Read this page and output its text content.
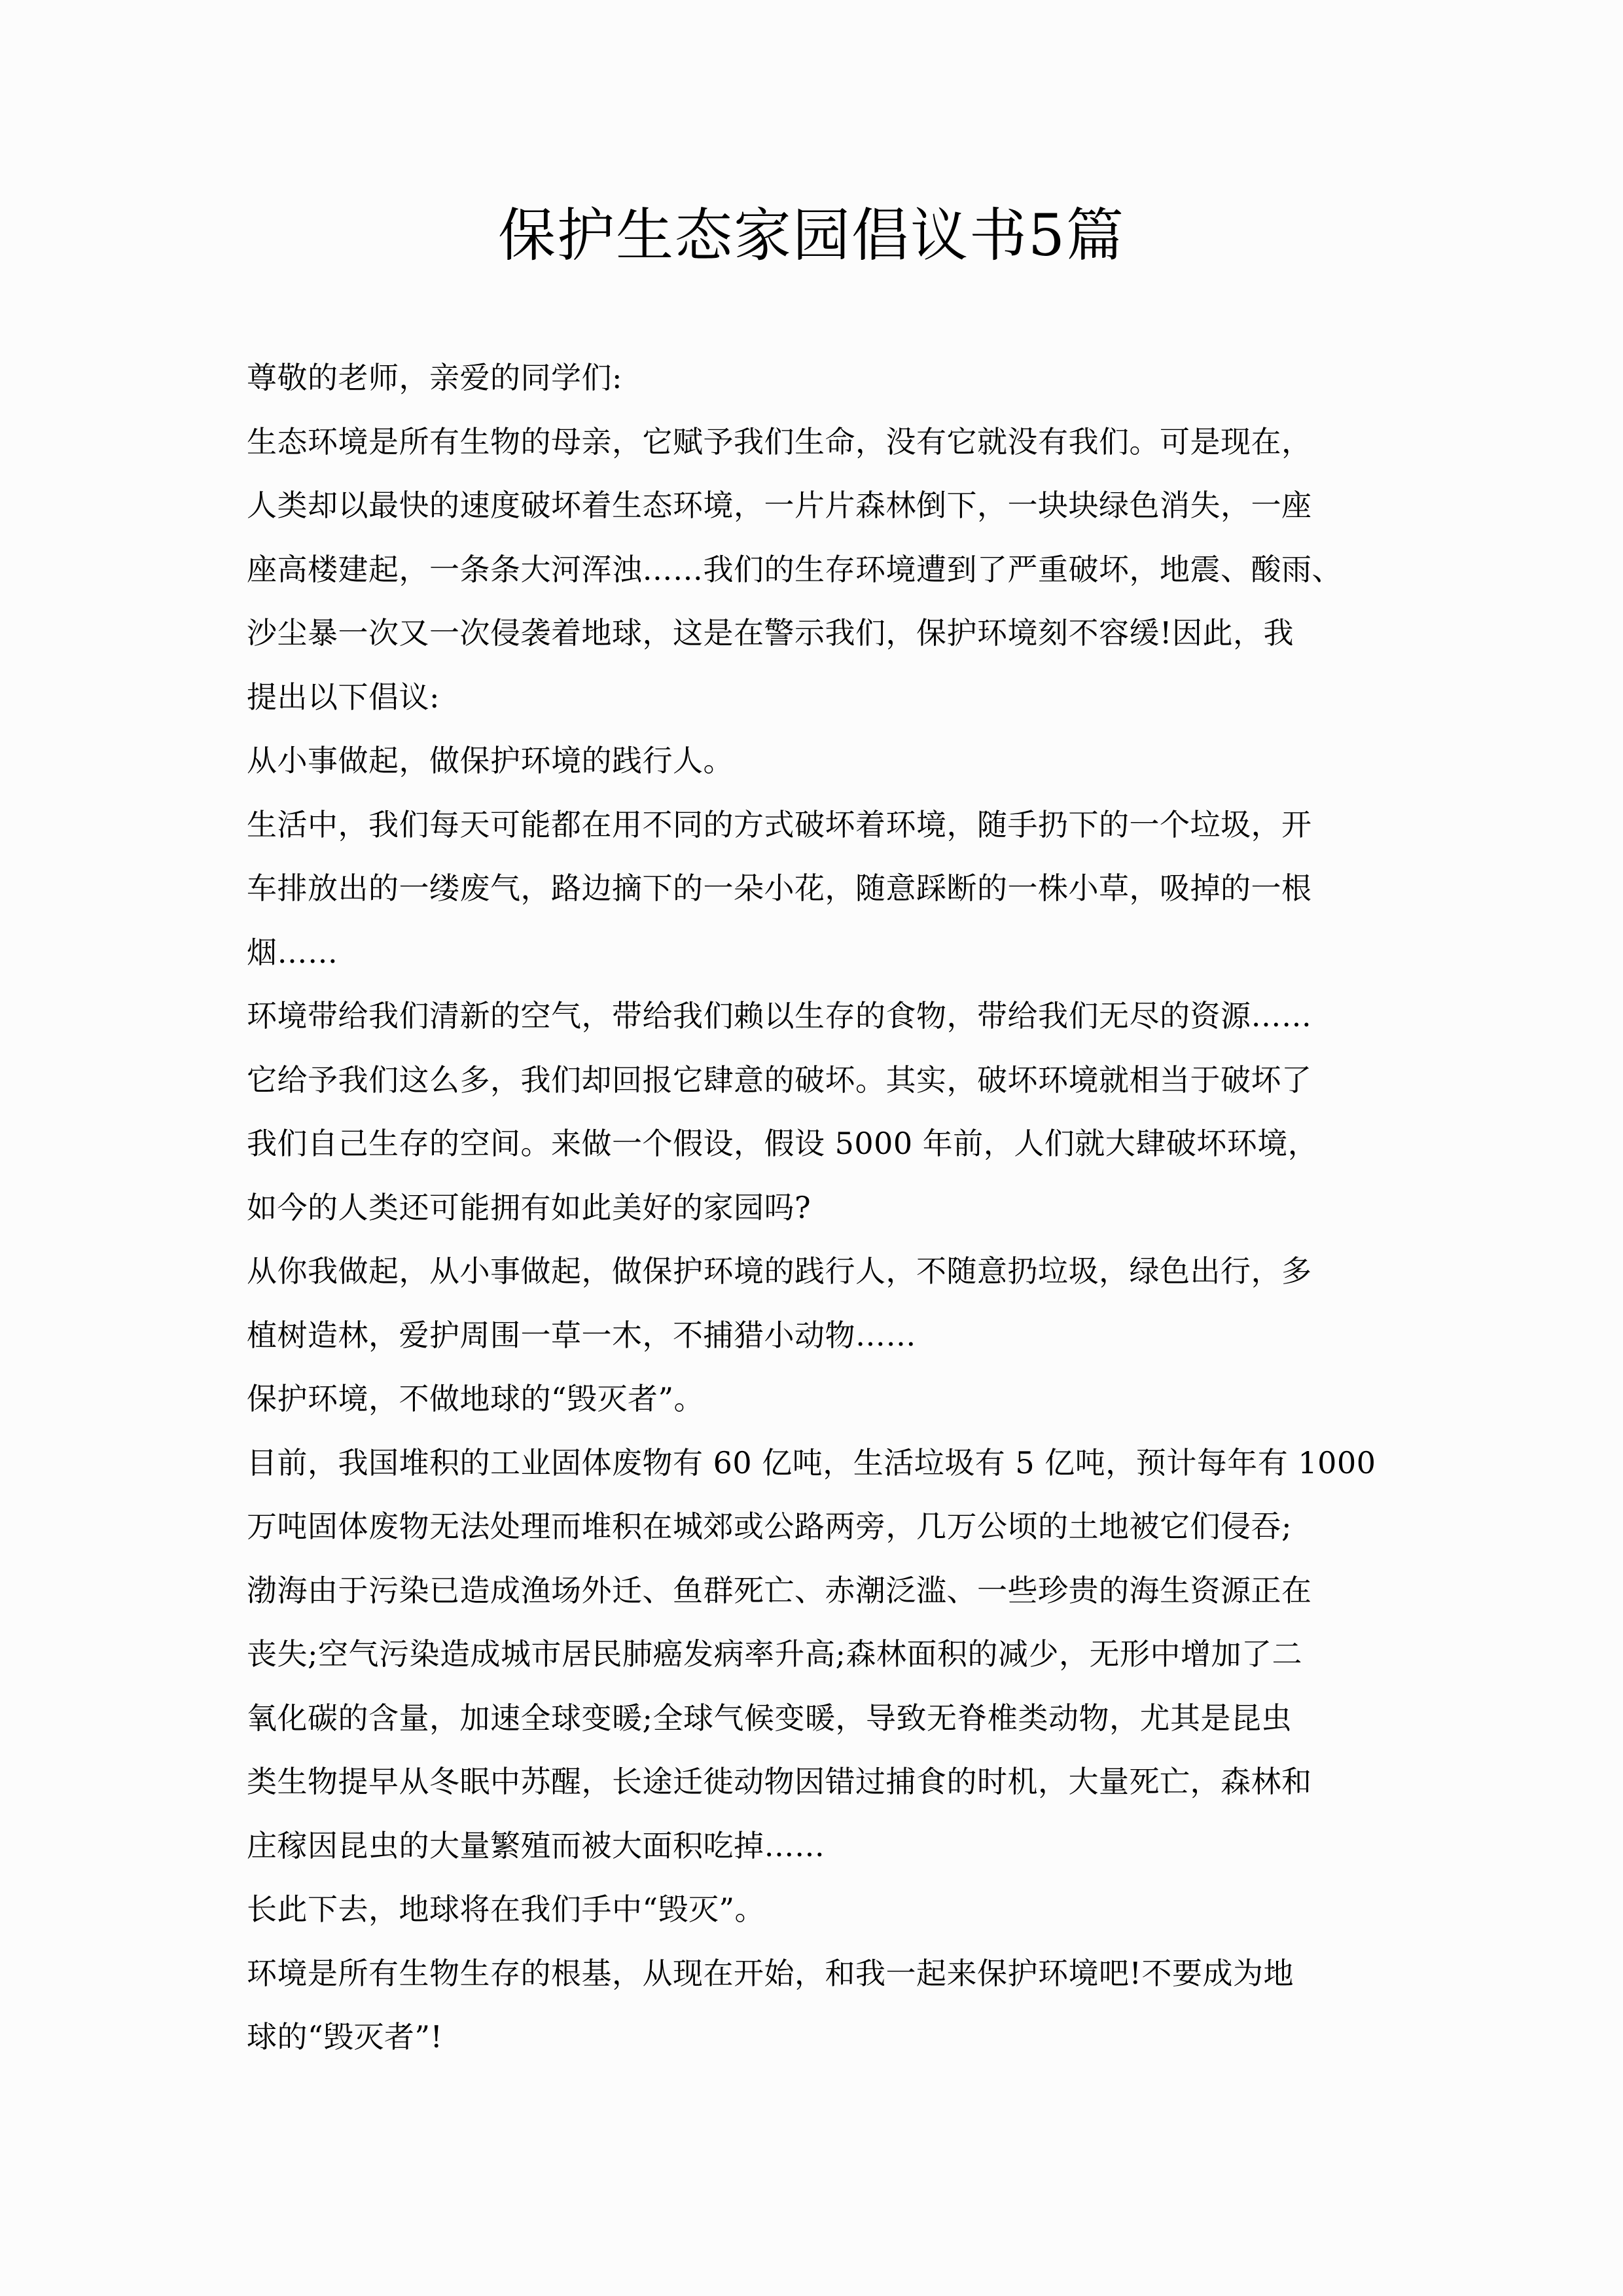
保护生态家园倡议书5篇
尊敬的老师，亲爱的同学们:
生态环境是所有生物的母亲，它赋予我们生命，没有它就没有我们。可是现在，
人类却以最快的速度破坏着生态环境，一片片森林倒下，一块块绿色消失，一座
座高楼建起，一条条大河浑浊……我们的生存环境遭到了严重破坏，地震、酸雨、
沙尘暴一次又一次侵袭着地球，这是在警示我们，保护环境刻不容缓!因此，我
提出以下倡议:
从小事做起，做保护环境的践行人。
生活中，我们每天可能都在用不同的方式破坏着环境，随手扔下的一个垃圾，开
车排放出的一缕废气，路边摘下的一朵小花，随意踩断的一株小草，吸掉的一根
烟……
环境带给我们清新的空气，带给我们赖以生存的食物，带给我们无尽的资源……
它给予我们这么多，我们却回报它肆意的破坏。其实，破坏环境就相当于破坏了
我们自己生存的空间。来做一个假设，假设 5000 年前，人们就大肆破坏环境，
如今的人类还可能拥有如此美好的家园吗?
从你我做起，从小事做起，做保护环境的践行人，不随意扔垃圾，绿色出行，多
植树造林，爱护周围一草一木，不捕猎小动物……
保护环境，不做地球的“毁灭者”。
目前，我国堆积的工业固体废物有 60 亿吨，生活垃圾有 5 亿吨，预计每年有 1000
万吨固体废物无法处理而堆积在城郊或公路两旁，几万公顷的土地被它们侵吞;
渤海由于污染已造成渔场外迁、鱼群死亡、赤潮泛滥、一些珍贵的海生资源正在
丧失;空气污染造成城市居民肺癌发病率升高;森林面积的减少，无形中增加了二
氧化碳的含量，加速全球变暖;全球气候变暖，导致无脊椎类动物，尤其是昆虫
类生物提早从冬眠中苏醒，长途迁徙动物因错过捕食的时机，大量死亡，森林和
庄稼因昆虫的大量繁殖而被大面积吃掉……
长此下去，地球将在我们手中“毁灭”。
环境是所有生物生存的根基，从现在开始，和我一起来保护环境吧!不要成为地
球的“毁灭者”!
